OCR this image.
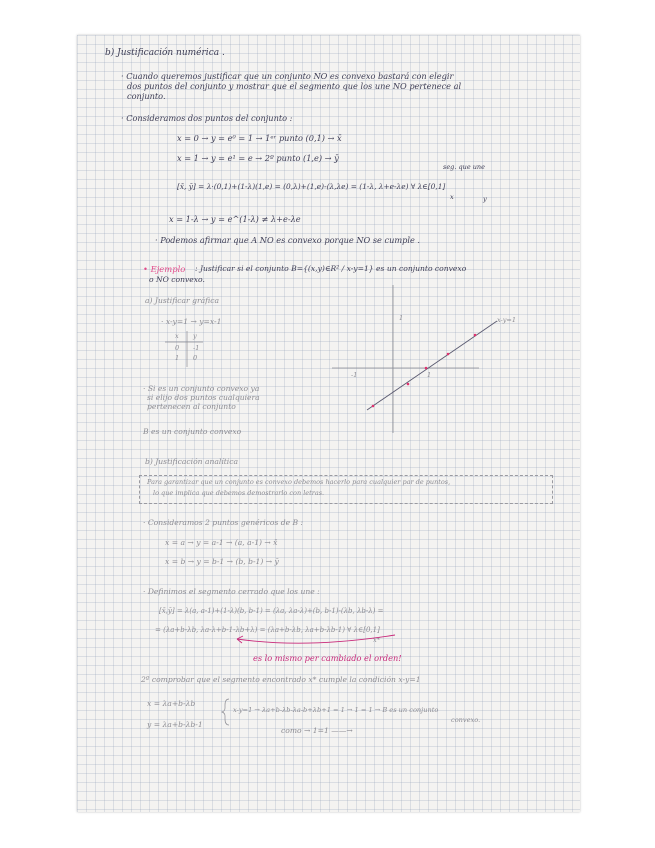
b) Justificación numérica .
· Cuando queremos justificar que un conjunto NO es convexo bastará con elegir
dos puntos del conjunto y mostrar que el segmento que los une NO pertenece al
conjunto.
· Consideramos dos puntos del conjunto :
x = 0 → y = e⁰ = 1 → 1ᵉʳ punto (0,1) → x̄
x = 1 → y = e¹ = e → 2º punto (1,e) → ȳ
seg. que une
[x̄, ȳ] = λ·(0,1)+(1-λ)(1,e) = (0,λ)+(1,e)-(λ,λe) = (1-λ, λ+e-λe) ∀ λ∈[0,1]
x	y
x = 1-λ → y = e^(1-λ) ≠ λ+e-λe
· Podemos afirmar que A NO es convexo porque NO se cumple .
• Ejemplo : Justificar si el conjunto B={(x,y)∈R² / x-y=1} es un conjunto convexo
o NO convexo.
a) Justificar gráfica
· x-y=1 → y=x-1
x y
0 -1
1 0
· Si es un conjunto convexo ya
si elijo dos puntos cualquiera
pertenecen al conjunto
B es un conjunto convexo
x-y=1
1
1
-1
b) Justificación analítica
Para garantizar que un conjunto es convexo debemos hacerlo para cualquier par de puntos,
lo que implica que debemos demostrarlo con letras.
· Consideramos 2 puntos genéricos de B :
x = a → y = a-1 → (a, a-1) → x̄
x = b → y = b-1 → (b, b-1) → ȳ
· Definimos el segmento cerrado que los une :
[x̄,ȳ] = λ(a, a-1)+(1-λ)(b, b-1) = (λa, λa-λ)+(b, b-1)-(λb, λb-λ) =
= (λa+b-λb, λa-λ+b-1-λb+λ) = (λa+b-λb, λa+b-λb-1) ∀ λ∈[0,1]
x*
es lo mismo per cambiado el orden!
2º comprobar que el segmento encontrado x* cumple la condición x-y=1
x = λa+b-λb
y = λa+b-λb-1
x-y=1 → λa+b-λb-λa-b+λb+1 = 1 → 1 = 1 → B es un conjunto
convexo.
como → 1=1 ——→
